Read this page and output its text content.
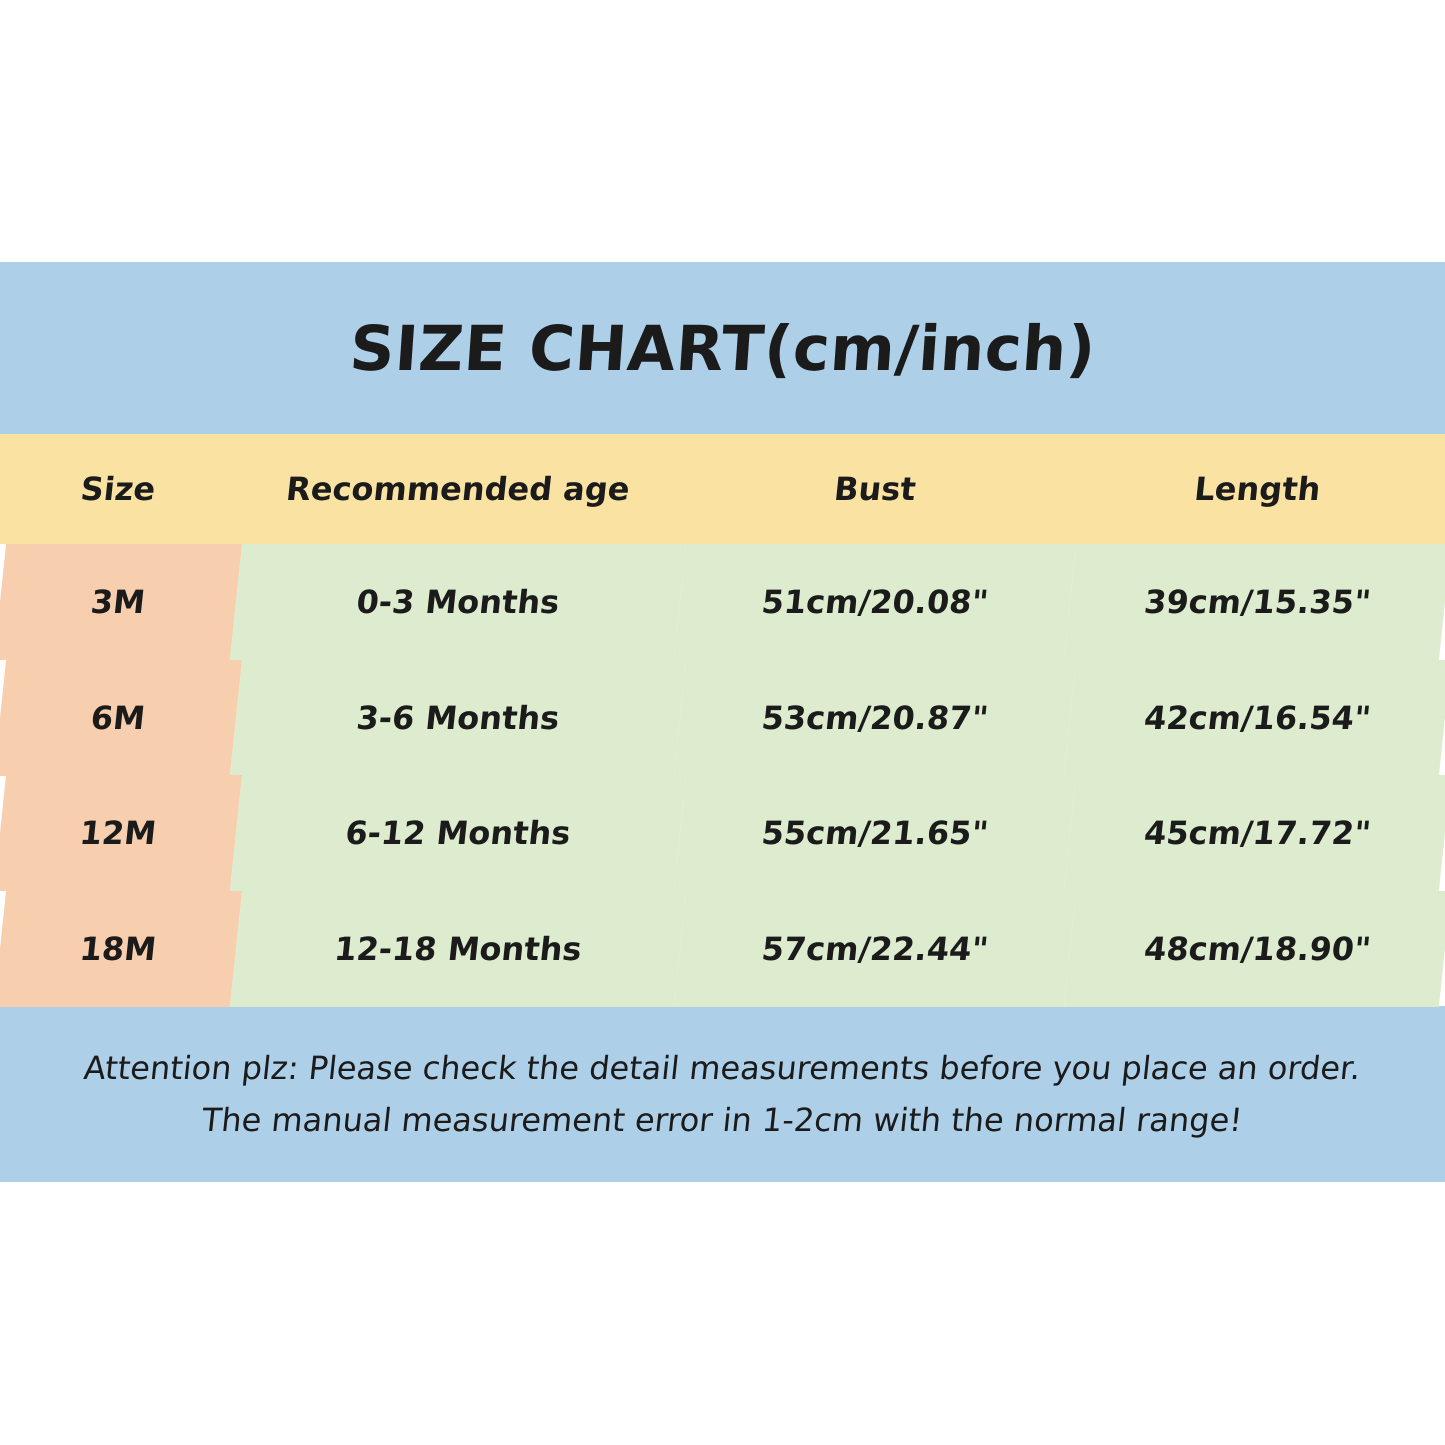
SIZE CHART(cm/inch)
Size	Recommended age	Bust	Length
3M	0-3 Months	51cm/20.08"	39cm/15.35"
6M	3-6 Months	53cm/20.87"	42cm/16.54"
12M	6-12 Months	55cm/21.65"	45cm/17.72"
18M	12-18 Months	57cm/22.44"	48cm/18.90"
Attention plz: Please check the detail measurements before you place an order.
The manual measurement error in 1-2cm with the normal range!
